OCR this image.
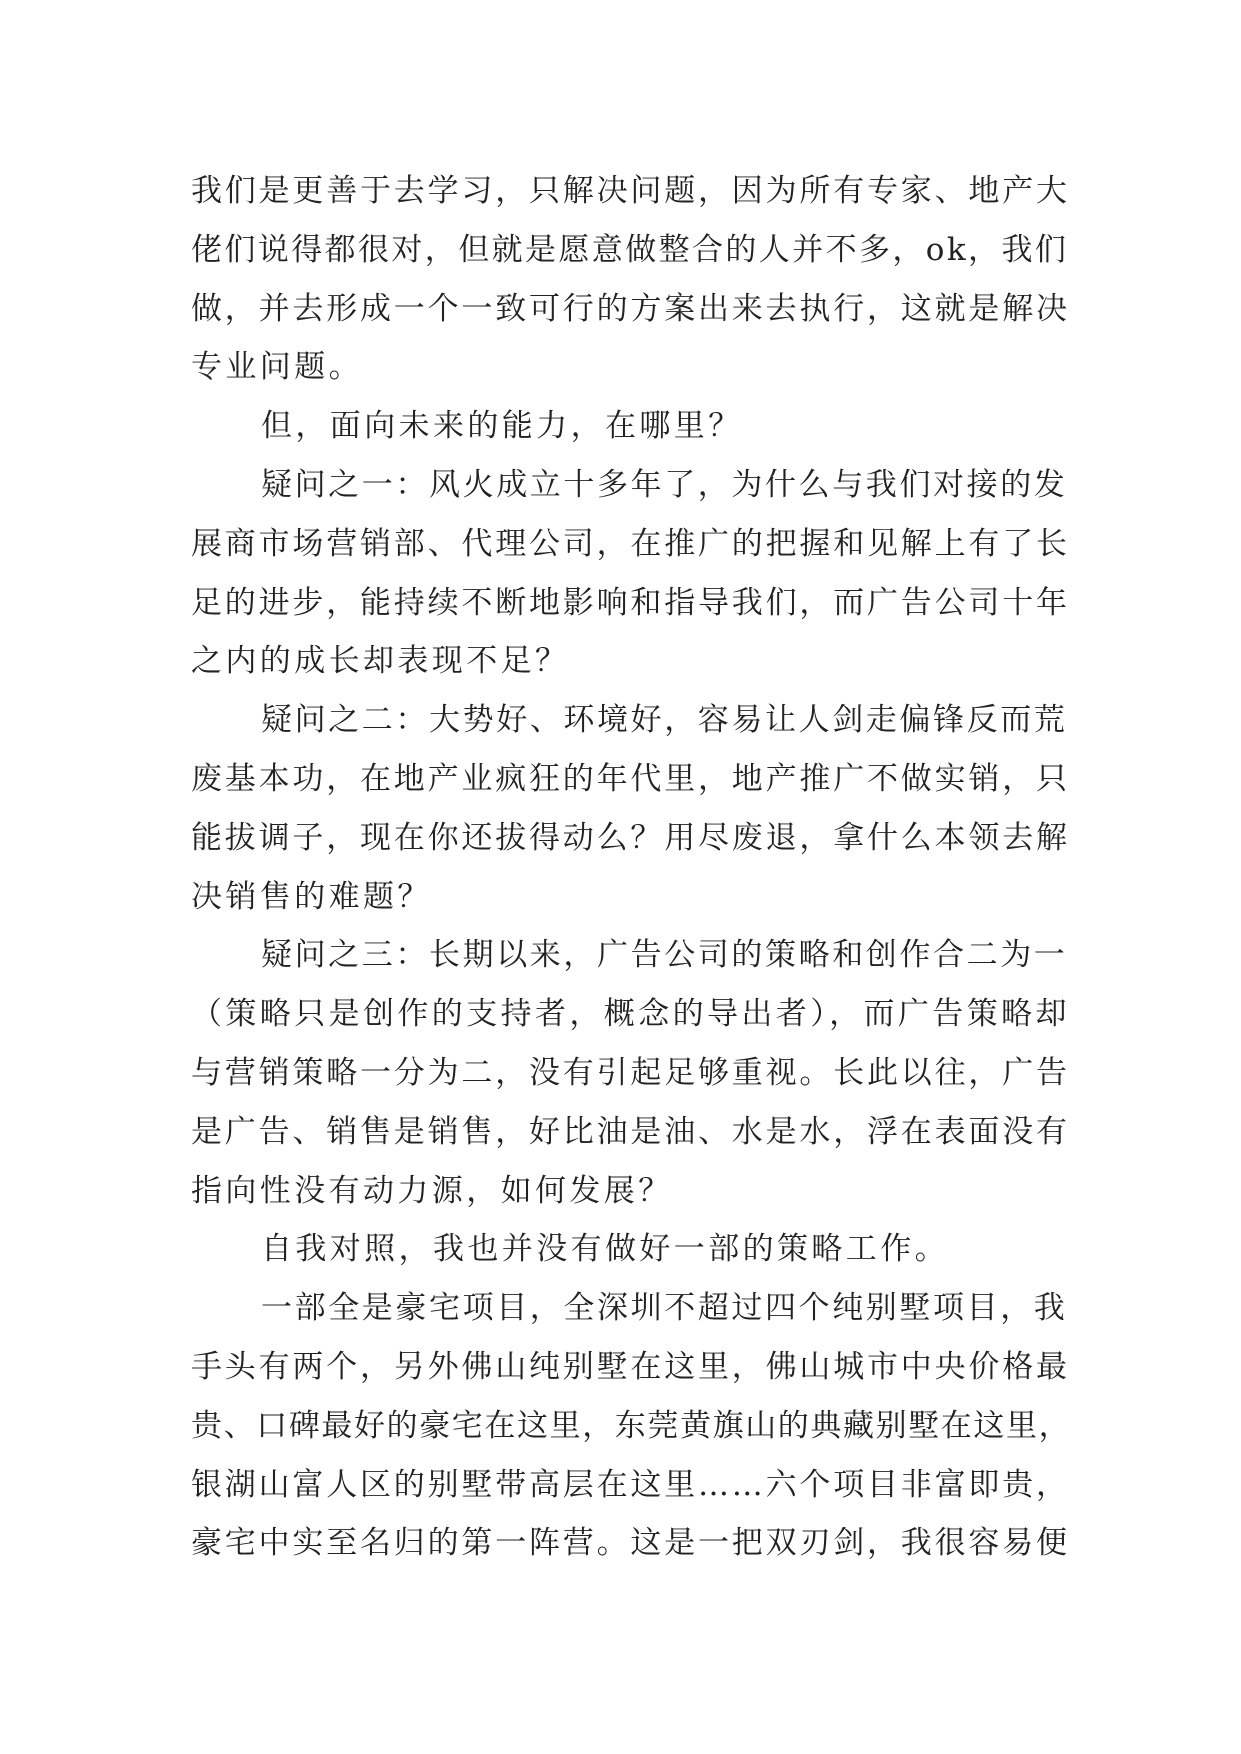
我们是更善于去学习，只解决问题，因为所有专家、地产大
佬们说得都很对，但就是愿意做整合的人并不多，ok，我们
做，并去形成一个一致可行的方案出来去执行，这就是解决
专业问题。
但，面向未来的能力，在哪里？
疑问之一：风火成立十多年了，为什么与我们对接的发
展商市场营销部、代理公司，在推广的把握和见解上有了长
足的进步，能持续不断地影响和指导我们，而广告公司十年
之内的成长却表现不足？
疑问之二：大势好、环境好，容易让人剑走偏锋反而荒
废基本功，在地产业疯狂的年代里，地产推广不做实销，只
能拔调子，现在你还拔得动么？用尽废退，拿什么本领去解
决销售的难题？
疑问之三：长期以来，广告公司的策略和创作合二为一
（策略只是创作的支持者，概念的导出者），而广告策略却
与营销策略一分为二，没有引起足够重视。长此以往，广告
是广告、销售是销售，好比油是油、水是水，浮在表面没有
指向性没有动力源，如何发展？
自我对照，我也并没有做好一部的策略工作。
一部全是豪宅项目，全深圳不超过四个纯别墅项目，我
手头有两个，另外佛山纯别墅在这里，佛山城市中央价格最
贵、口碑最好的豪宅在这里，东莞黄旗山的典藏别墅在这里，
银湖山富人区的别墅带高层在这里……六个项目非富即贵，
豪宅中实至名归的第一阵营。这是一把双刃剑，我很容易便
